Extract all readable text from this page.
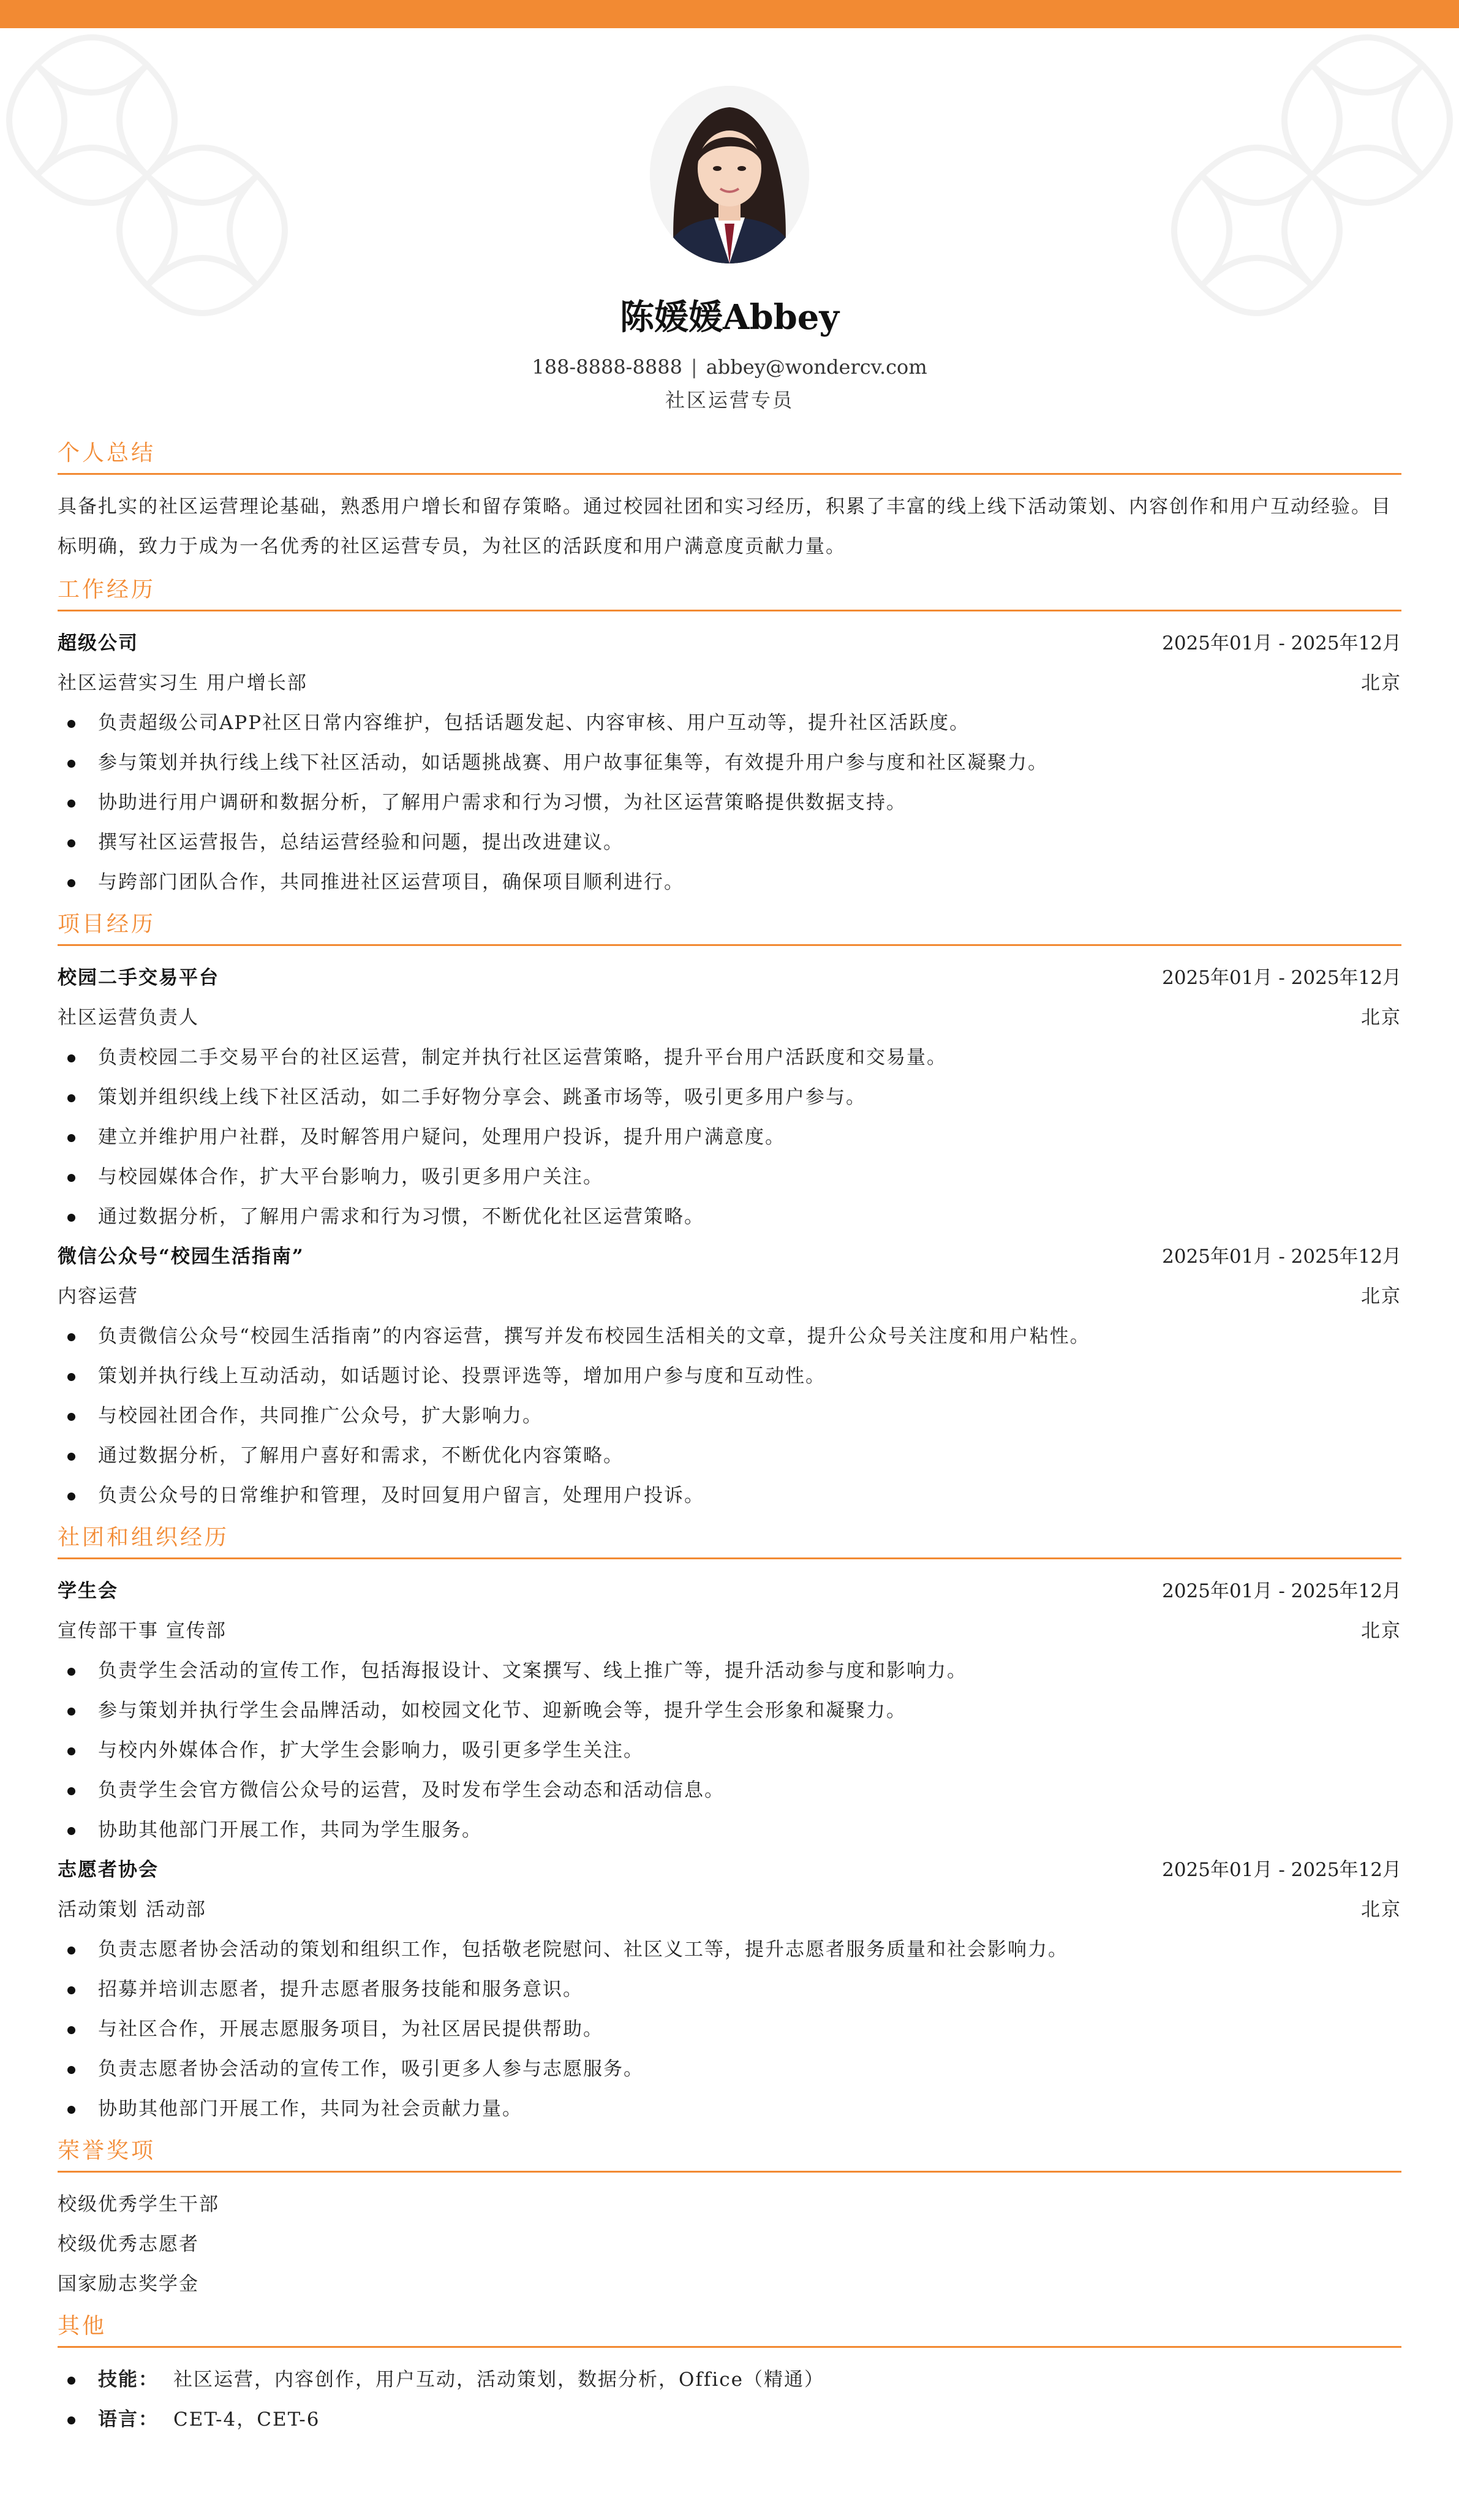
陈媛媛Abbey
188-8888-8888 | abbey@wondercv.com
社区运营专员
个人总结
具备扎实的社区运营理论基础，熟悉用户增长和留存策略。通过校园社团和实习经历，积累了丰富的线上线下活动策划、内容创作和用户互动经验。目标明确，致力于成为一名优秀的社区运营专员，为社区的活跃度和用户满意度贡献力量。
工作经历
超级公司	2025年01月 - 2025年12月
社区运营实习生 用户增长部	北京
负责超级公司APP社区日常内容维护，包括话题发起、内容审核、用户互动等，提升社区活跃度。
参与策划并执行线上线下社区活动，如话题挑战赛、用户故事征集等，有效提升用户参与度和社区凝聚力。
协助进行用户调研和数据分析，了解用户需求和行为习惯，为社区运营策略提供数据支持。
撰写社区运营报告，总结运营经验和问题，提出改进建议。
与跨部门团队合作，共同推进社区运营项目，确保项目顺利进行。
项目经历
校园二手交易平台	2025年01月 - 2025年12月
社区运营负责人	北京
负责校园二手交易平台的社区运营，制定并执行社区运营策略，提升平台用户活跃度和交易量。
策划并组织线上线下社区活动，如二手好物分享会、跳蚤市场等，吸引更多用户参与。
建立并维护用户社群，及时解答用户疑问，处理用户投诉，提升用户满意度。
与校园媒体合作，扩大平台影响力，吸引更多用户关注。
通过数据分析，了解用户需求和行为习惯，不断优化社区运营策略。
微信公众号“校园生活指南”	2025年01月 - 2025年12月
内容运营	北京
负责微信公众号“校园生活指南”的内容运营，撰写并发布校园生活相关的文章，提升公众号关注度和用户粘性。
策划并执行线上互动活动，如话题讨论、投票评选等，增加用户参与度和互动性。
与校园社团合作，共同推广公众号，扩大影响力。
通过数据分析，了解用户喜好和需求，不断优化内容策略。
负责公众号的日常维护和管理，及时回复用户留言，处理用户投诉。
社团和组织经历
学生会	2025年01月 - 2025年12月
宣传部干事 宣传部	北京
负责学生会活动的宣传工作，包括海报设计、文案撰写、线上推广等，提升活动参与度和影响力。
参与策划并执行学生会品牌活动，如校园文化节、迎新晚会等，提升学生会形象和凝聚力。
与校内外媒体合作，扩大学生会影响力，吸引更多学生关注。
负责学生会官方微信公众号的运营，及时发布学生会动态和活动信息。
协助其他部门开展工作，共同为学生服务。
志愿者协会	2025年01月 - 2025年12月
活动策划 活动部	北京
负责志愿者协会活动的策划和组织工作，包括敬老院慰问、社区义工等，提升志愿者服务质量和社会影响力。
招募并培训志愿者，提升志愿者服务技能和服务意识。
与社区合作，开展志愿服务项目，为社区居民提供帮助。
负责志愿者协会活动的宣传工作，吸引更多人参与志愿服务。
协助其他部门开展工作，共同为社会贡献力量。
荣誉奖项
校级优秀学生干部
校级优秀志愿者
国家励志奖学金
其他
技能： 社区运营，内容创作，用户互动，活动策划，数据分析，Office（精通）
语言： CET-4，CET-6
